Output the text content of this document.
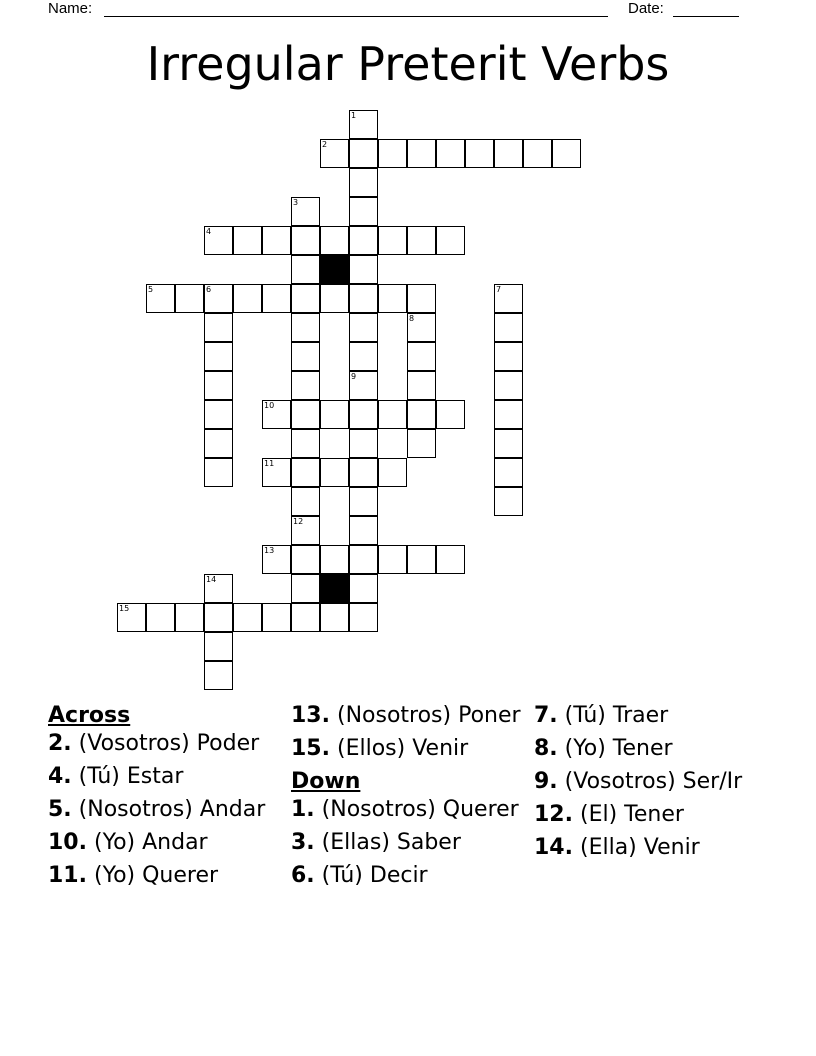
Name:	Date:
Irregular Preterit Verbs
1
2
3
12
4
5	6	7
8
9
10
11
13
14
15
Across
2. (Vosotros) Poder
4. (Tú) Estar
5. (Nosotros) Andar
10. (Yo) Andar
11. (Yo) Querer
13. (Nosotros) Poner
15. (Ellos) Venir
Down
1. (Nosotros) Querer
3. (Ellas) Saber
6. (Tú) Decir
7. (Tú) Traer
8. (Yo) Tener
9. (Vosotros) Ser/Ir
12. (El) Tener
14. (Ella) Venir
